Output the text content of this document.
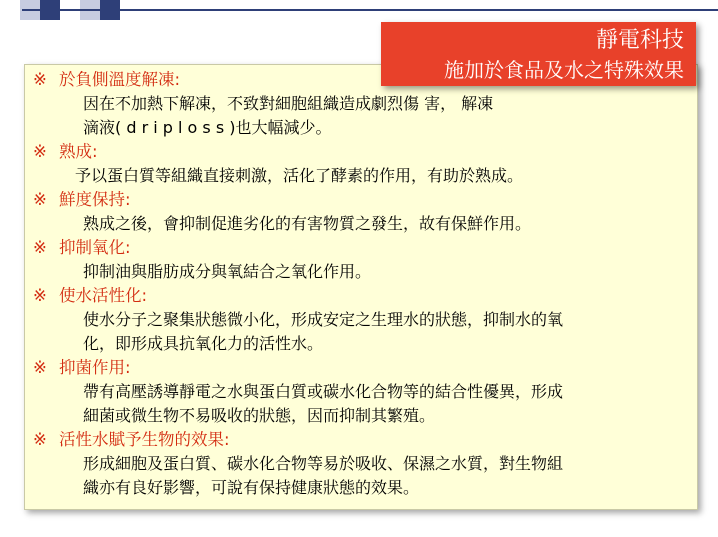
※ 於負側溫度解凍:
因在不加熱下解凍，不致對細胞組織造成劇烈傷 害， 解凍
滴液( d r i p l o s s )也大幅減少。
※ 熟成:
予以蛋白質等組織直接刺激，活化了酵素的作用，有助於熟成。
※ 鮮度保持:
熟成之後，會抑制促進劣化的有害物質之發生，故有保鮮作用。
※ 抑制氧化:
抑制油與脂肪成分與氧結合之氧化作用。
※ 使水活性化:
使水分子之聚集狀態微小化，形成安定之生理水的狀態，抑制水的氧
化，即形成具抗氧化力的活性水。
※ 抑菌作用:
帶有高壓誘導靜電之水與蛋白質或碳水化合物等的結合性優異，形成
細菌或微生物不易吸收的狀態，因而抑制其繁殖。
※ 活性水賦予生物的效果:
形成細胞及蛋白質、碳水化合物等易於吸收、保濕之水質，對生物組
織亦有良好影響，可說有保持健康狀態的效果。
靜電科技
施加於食品及水之特殊效果
